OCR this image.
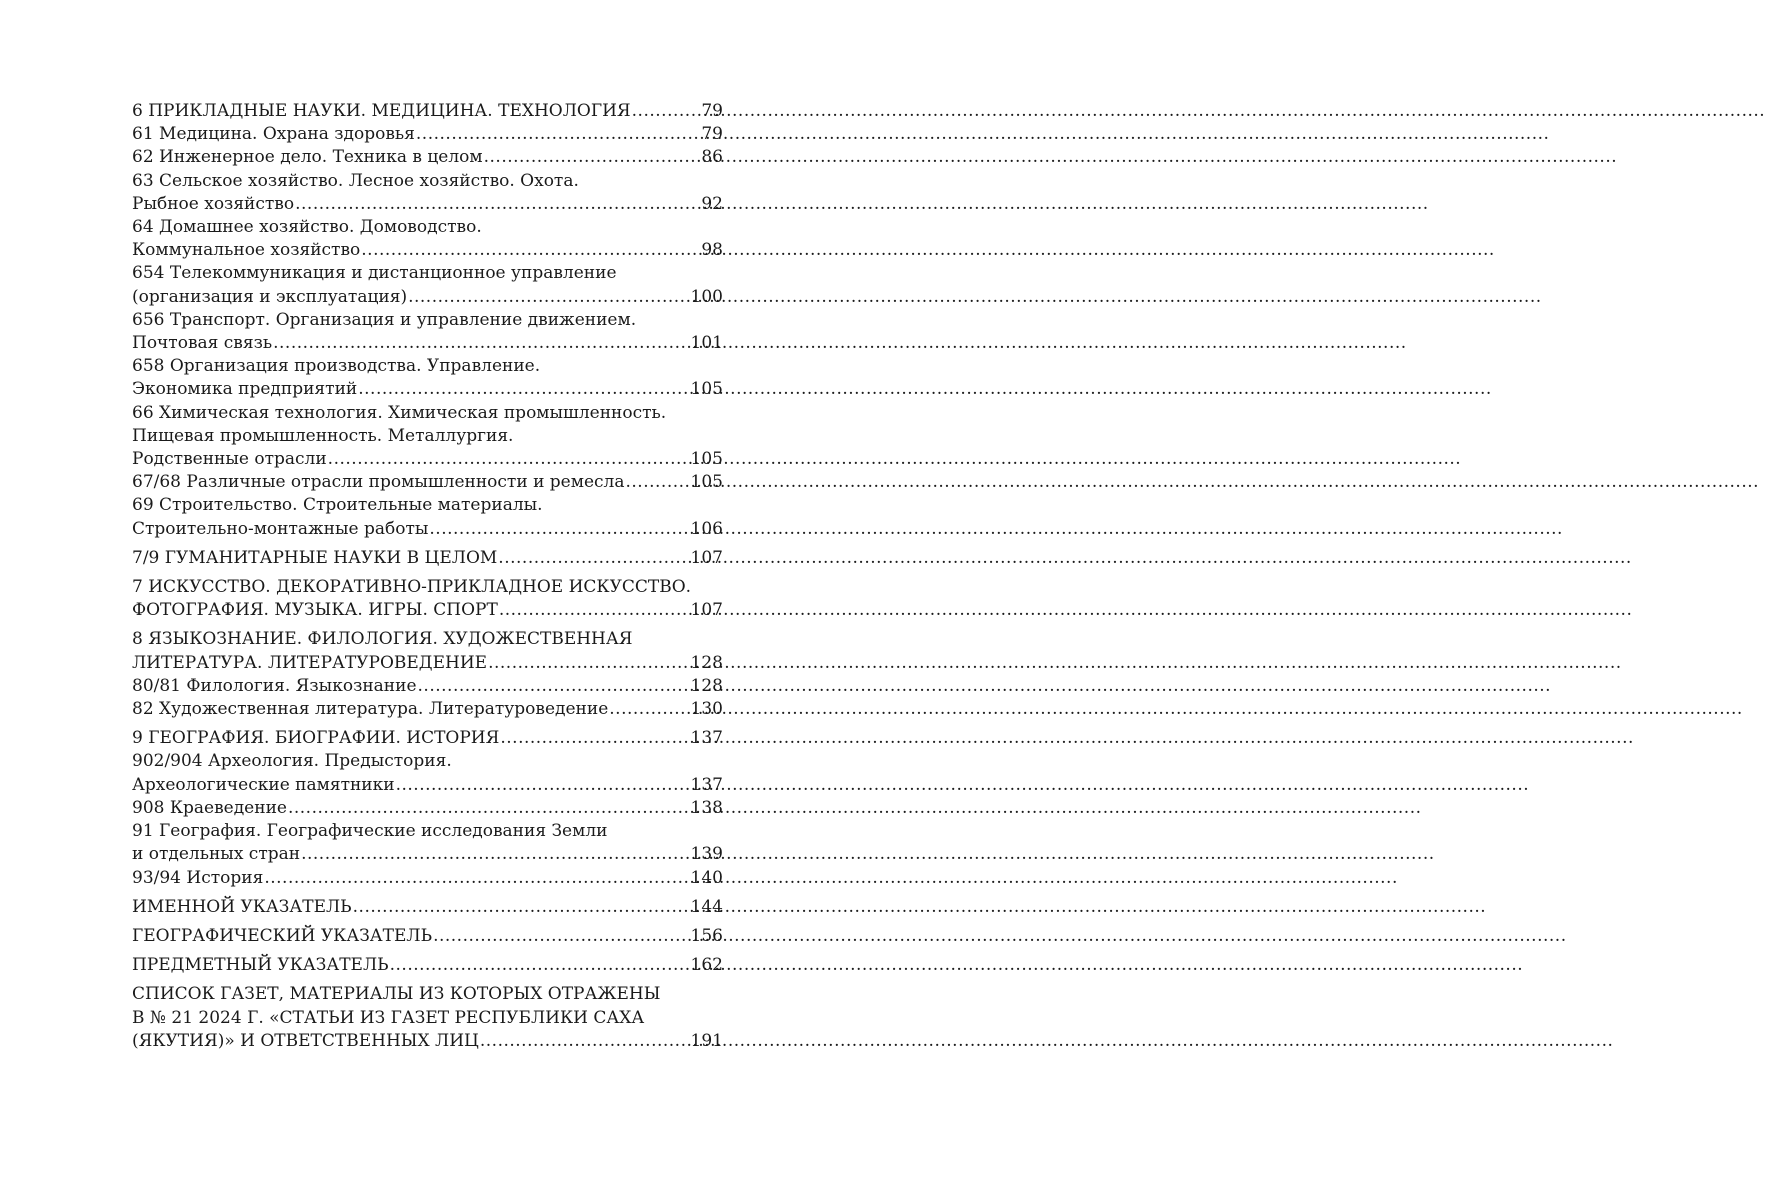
6 ПРИКЛАДНЫЕ НАУКИ. МЕДИЦИНА. ТЕХНОЛОГИЯ .....	79
61 Медицина. Охрана здоровья .....	79
62 Инженерное дело. Техника в целом .....	86
63 Сельское хозяйство. Лесное хозяйство. Охота.
Рыбное хозяйство .....	92
64 Домашнее хозяйство. Домоводство.
Коммунальное хозяйство .....	98
654 Телекоммуникация и дистанционное управление
(организация и эксплуатация) .....	100
656 Транспорт. Организация и управление движением.
Почтовая связь .....	101
658 Организация производства. Управление.
Экономика предприятий .....	105
66 Химическая технология. Химическая промышленность.
Пищевая промышленность. Металлургия.
Родственные отрасли .....	105
67/68 Различные отрасли промышленности и ремесла .....	105
69 Строительство. Строительные материалы.
Строительно-монтажные работы .....	106
7/9 ГУМАНИТАРНЫЕ НАУКИ В ЦЕЛОМ .....	107
7 ИСКУССТВО. ДЕКОРАТИВНО-ПРИКЛАДНОЕ ИСКУССТВО.
ФОТОГРАФИЯ. МУЗЫКА. ИГРЫ. СПОРТ .....	107
8 ЯЗЫКОЗНАНИЕ. ФИЛОЛОГИЯ. ХУДОЖЕСТВЕННАЯ
ЛИТЕРАТУРА. ЛИТЕРАТУРОВЕДЕНИЕ .....	128
80/81 Филология. Языкознание .....	128
82 Художественная литература. Литературоведение .....	130
9 ГЕОГРАФИЯ. БИОГРАФИИ. ИСТОРИЯ .....	137
902/904 Археология. Предыстория.
Археологические памятники .....	137
908 Краеведение .....	138
91 География. Географические исследования Земли
и отдельных стран .....	139
93/94 История .....	140
ИМЕННОЙ УКАЗАТЕЛЬ .....	144
ГЕОГРАФИЧЕСКИЙ УКАЗАТЕЛЬ .....	156
ПРЕДМЕТНЫЙ УКАЗАТЕЛЬ .....	162
СПИСОК ГАЗЕТ, МАТЕРИАЛЫ ИЗ КОТОРЫХ ОТРАЖЕНЫ
В № 21 2024 Г. «СТАТЬИ ИЗ ГАЗЕТ РЕСПУБЛИКИ САХА
(ЯКУТИЯ)» И ОТВЕТСТВЕННЫХ ЛИЦ .....	191
